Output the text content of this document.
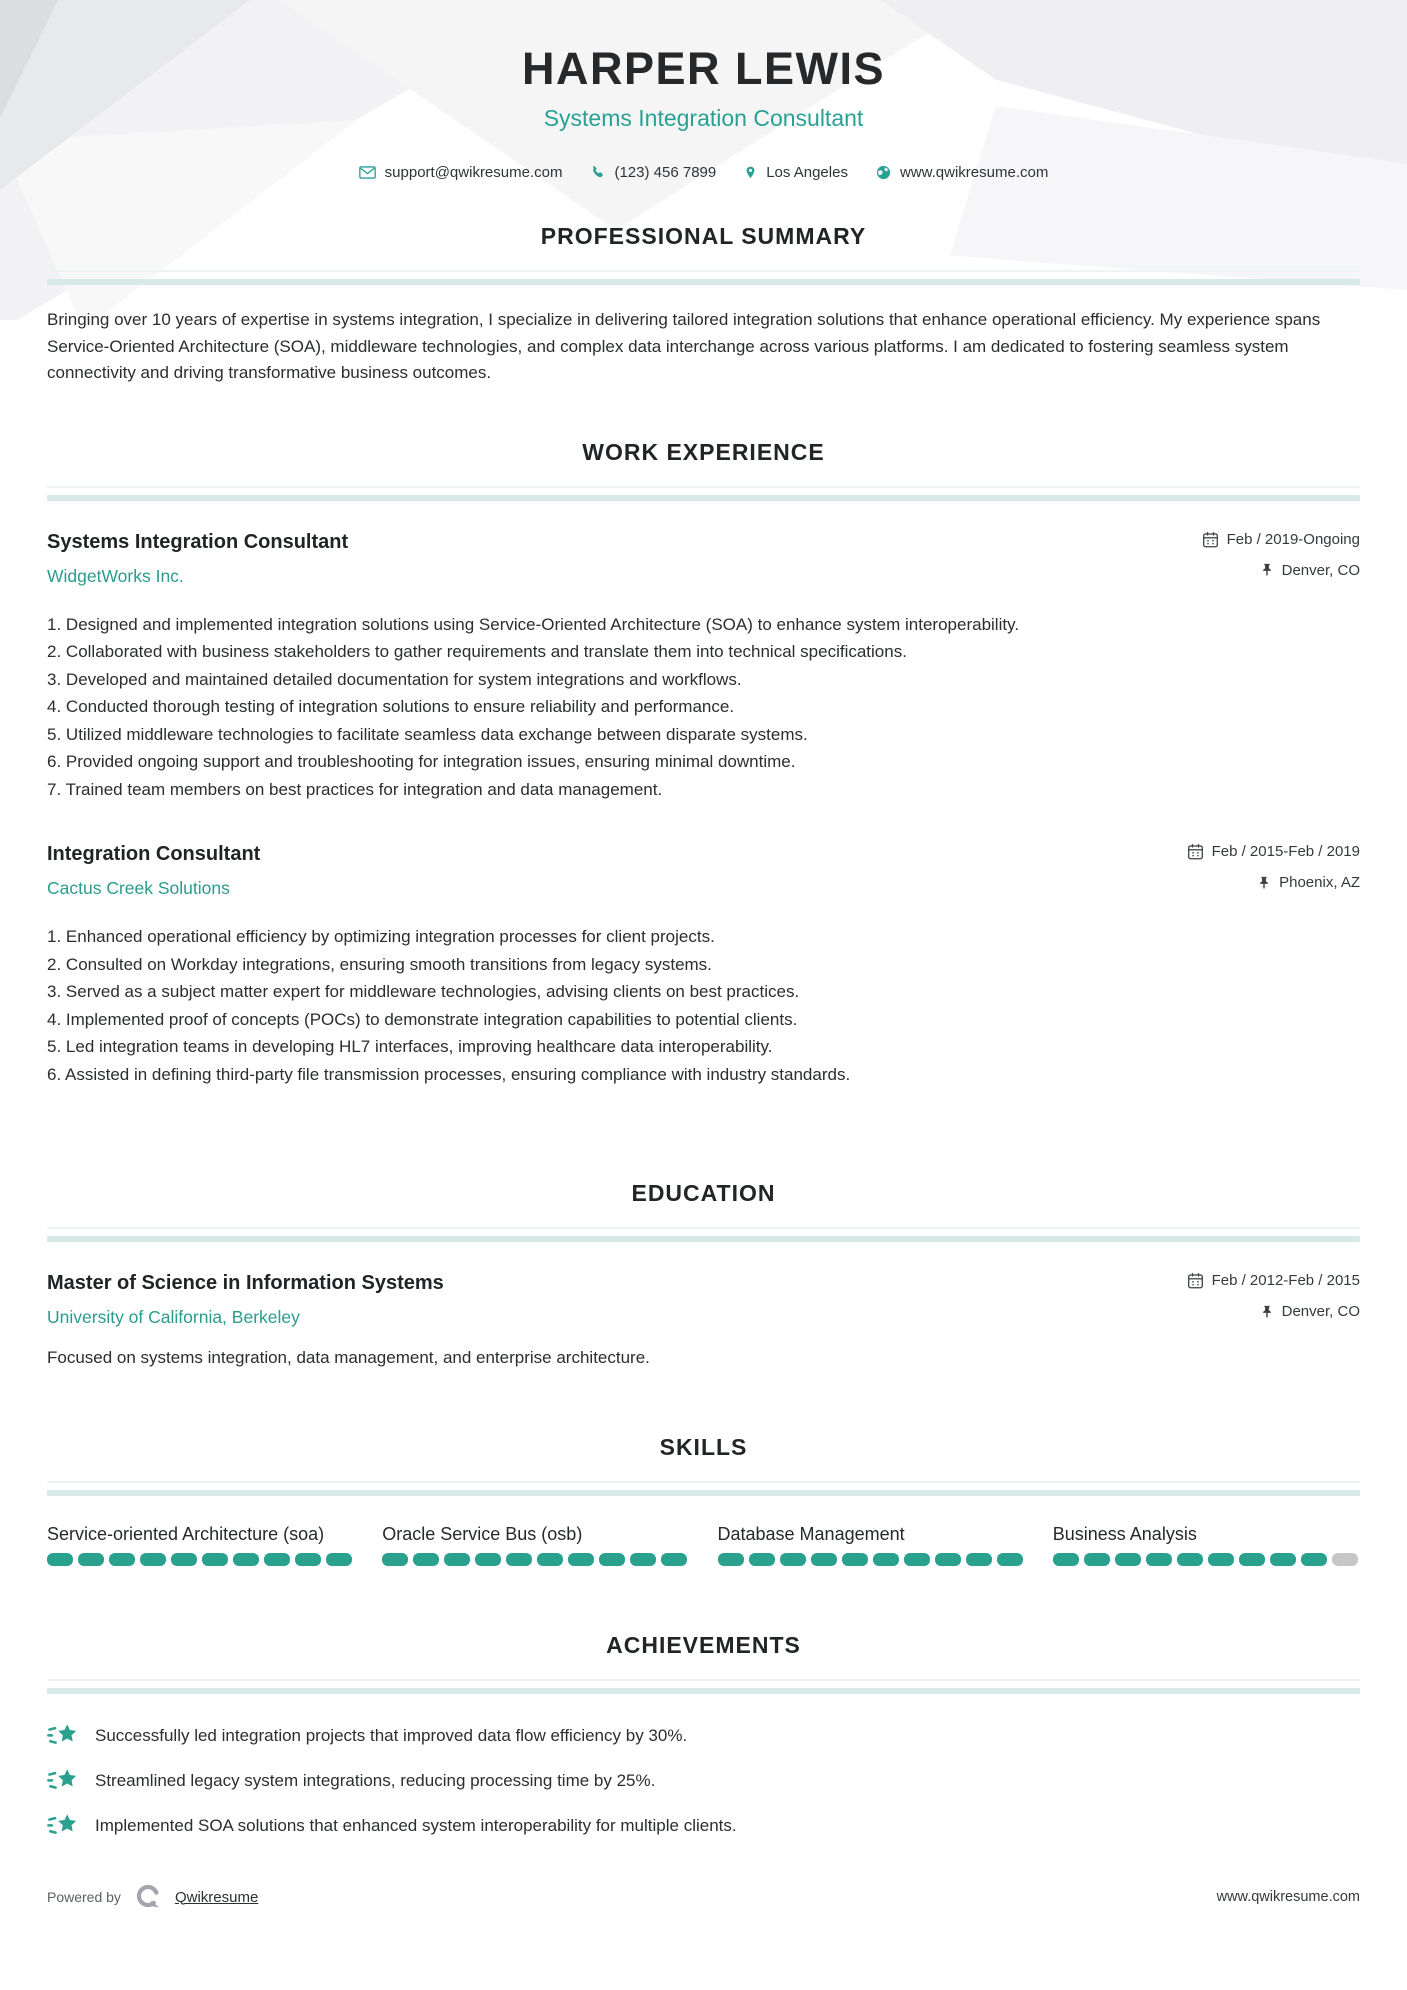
HARPER LEWIS
Systems Integration Consultant
support@qwikresume.com	(123) 456 7899	Los Angeles	www.qwikresume.com
PROFESSIONAL SUMMARY

Bringing over 10 years of expertise in systems integration, I specialize in delivering tailored integration solutions that enhance operational efficiency. My experience spans Service-Oriented Architecture (SOA), middleware technologies, and complex data interchange across various platforms. I am dedicated to fostering seamless system connectivity and driving transformative business outcomes.

WORK EXPERIENCE
Systems Integration Consultant
WidgetWorks Inc.
Feb / 2019-Ongoing
Denver, CO
Designed and implemented integration solutions using Service-Oriented Architecture (SOA) to enhance system interoperability.
Collaborated with business stakeholders to gather requirements and translate them into technical specifications.
Developed and maintained detailed documentation for system integrations and workflows.
Conducted thorough testing of integration solutions to ensure reliability and performance.
Utilized middleware technologies to facilitate seamless data exchange between disparate systems.
Provided ongoing support and troubleshooting for integration issues, ensuring minimal downtime.
Trained team members on best practices for integration and data management.
Integration Consultant
Cactus Creek Solutions
Feb / 2015-Feb / 2019
Phoenix, AZ
Enhanced operational efficiency by optimizing integration processes for client projects.
Consulted on Workday integrations, ensuring smooth transitions from legacy systems.
Served as a subject matter expert for middleware technologies, advising clients on best practices.
Implemented proof of concepts (POCs) to demonstrate integration capabilities to potential clients.
Led integration teams in developing HL7 interfaces, improving healthcare data interoperability.
Assisted in defining third-party file transmission processes, ensuring compliance with industry standards.
EDUCATION
Master of Science in Information Systems
University of California, Berkeley
Feb / 2012-Feb / 2015
Denver, CO
Focused on systems integration, data management, and enterprise architecture.
SKILLS
Service-oriented Architecture (soa)	Oracle Service Bus (osb)	Database Management	Business Analysis
ACHIEVEMENTS
Successfully led integration projects that improved data flow efficiency by 30%.
Streamlined legacy system integrations, reducing processing time by 25%.
Implemented SOA solutions that enhanced system interoperability for multiple clients.
Powered by	Qwikresume	www.qwikresume.com
